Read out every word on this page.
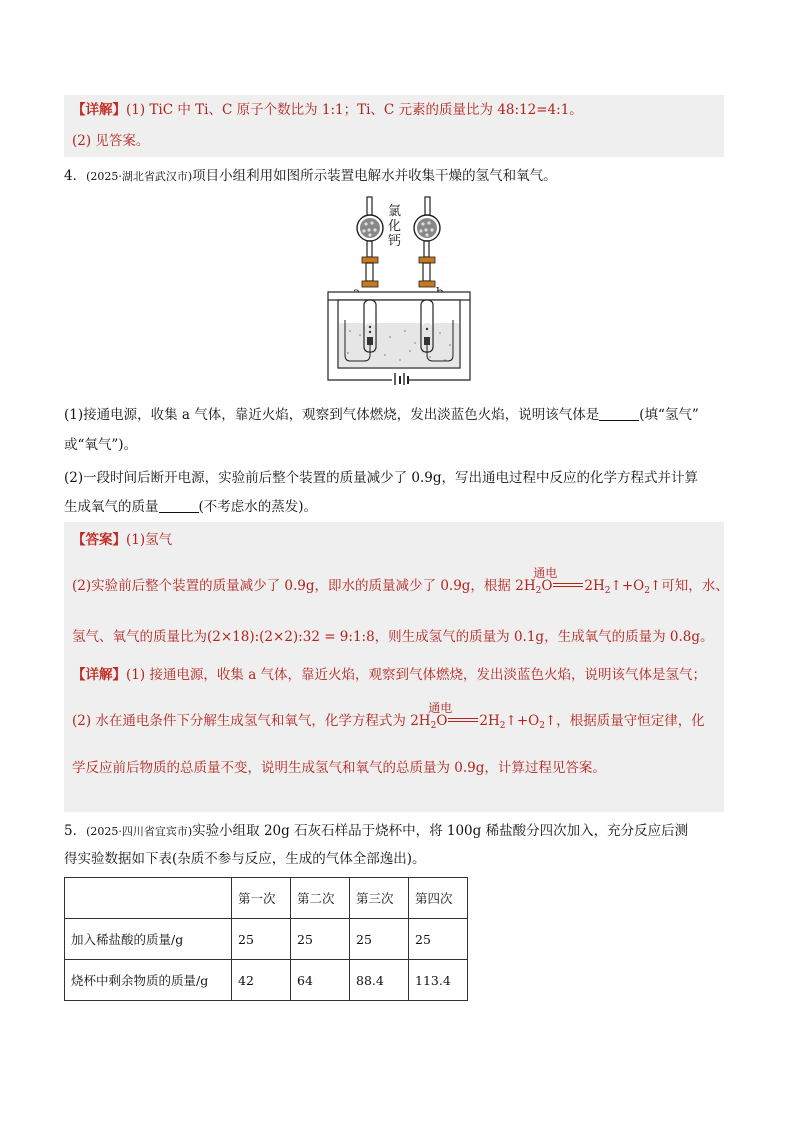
【详解】(1) TiC 中 Ti、C 原子个数比为 1:1；Ti、C 元素的质量比为 48:12=4:1。
(2) 见答案。
4．(2025·湖北省武汉市)项目小组利用如图所示装置电解水并收集干燥的氢气和氧气。
氯
化
钙
(1)接通电源，收集 a 气体，靠近火焰，观察到气体燃烧，发出淡蓝色火焰，说明该气体是	(填“氢气”
或“氧气”)。
(2)一段时间后断开电源，实验前后整个装置的质量减少了 0.9g，写出通电过程中反应的化学方程式并计算
生成氧气的质量	(不考虑水的蒸发)。
【答案】(1)氢气
(2)实验前后整个装置的质量减少了 0.9g，即水的质量减少了 0.9g，根据 $2H_2O$
通电
$2H_2↑+O_2↑$可知，水、
氢气、氧气的质量比为(2×18):(2×2):32 = 9:1:8，则生成氢气的质量为 0.1g，生成氧气的质量为 0.8g。
【详解】(1) 接通电源，收集 a 气体，靠近火焰，观察到气体燃烧，发出淡蓝色火焰，说明该气体是氢气；
(2) 水在通电条件下分解生成氢气和氧气，化学方程式为 $2H_2O$
通电
$2H_2↑+O_2↑$，根据质量守恒定律，化
学反应前后物质的总质量不变，说明生成氢气和氧气的总质量为 0.9g，计算过程见答案。
5．(2025·四川省宜宾市)实验小组取 20g 石灰石样品于烧杯中，将 100g 稀盐酸分四次加入，充分反应后测
得实验数据如下表(杂质不参与反应，生成的气体全部逸出)。
	第一次	第二次	第三次	第四次
加入稀盐酸的质量/g	25	25	25	25
烧杯中剩余物质的质量/g	42	64	88.4	113.4
